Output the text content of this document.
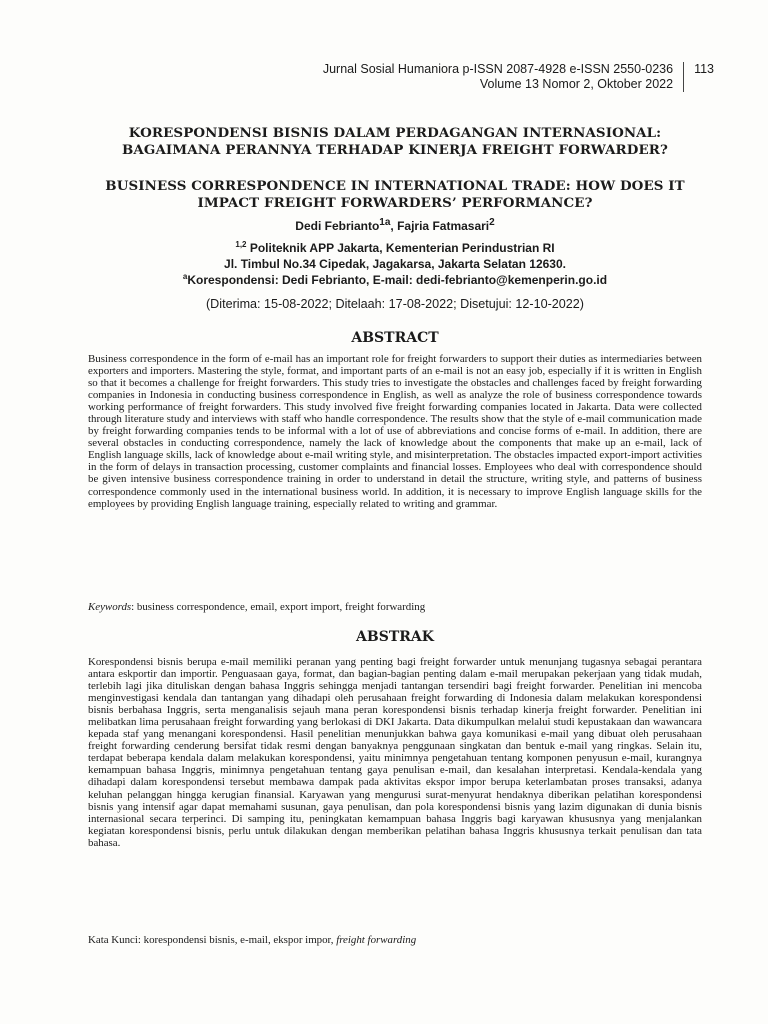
Jurnal Sosial Humaniora p-ISSN 2087-4928 e-ISSN 2550-0236
Volume 13 Nomor 2, Oktober 2022
113
KORESPONDENSI BISNIS DALAM PERDAGANGAN INTERNASIONAL:
BAGAIMANA PERANNYA TERHADAP KINERJA FREIGHT FORWARDER?
BUSINESS CORRESPONDENCE IN INTERNATIONAL TRADE: HOW DOES IT
IMPACT FREIGHT FORWARDERS’ PERFORMANCE?
Dedi Febrianto$^{1a}$, Fajria Fatmasari$^2$
$^{1,2}$ Politeknik APP Jakarta, Kementerian Perindustrian RI
Jl. Timbul No.34 Cipedak, Jagakarsa, Jakarta Selatan 12630.
$^a$Korespondensi: Dedi Febrianto, E-mail: dedi-febrianto@kemenperin.go.id
(Diterima: 15-08-2022; Ditelaah: 17-08-2022; Disetujui: 12-10-2022)
ABSTRACT
Business correspondence in the form of e-mail has an important role for freight forwarders to support their duties as intermediaries between exporters and importers. Mastering the style, format, and important parts of an e-mail is not an easy job, especially if it is written in English so that it becomes a challenge for freight forwarders. This study tries to investigate the obstacles and challenges faced by freight forwarding companies in Indonesia in conducting business correspondence in English, as well as analyze the role of business correspondence towards working performance of freight forwarders. This study involved five freight forwarding companies located in Jakarta. Data were collected through literature study and interviews with staff who handle correspondence. The results show that the style of e-mail communication made by freight forwarding companies tends to be informal with a lot of use of abbreviations and concise forms of e-mail. In addition, there are several obstacles in conducting correspondence, namely the lack of knowledge about the components that make up an e-mail, lack of English language skills, lack of knowledge about e-mail writing style, and misinterpretation. The obstacles impacted export-import activities in the form of delays in transaction processing, customer complaints and financial losses. Employees who deal with correspondence should be given intensive business correspondence training in order to understand in detail the structure, writing style, and patterns of business correspondence commonly used in the international business world. In addition, it is necessary to improve English language skills for the employees by providing English language training, especially related to writing and grammar.
Keywords: business correspondence, email, export import, freight forwarding
ABSTRAK
Korespondensi bisnis berupa e-mail memiliki peranan yang penting bagi freight forwarder untuk menunjang tugasnya sebagai perantara antara eskportir dan importir. Penguasaan gaya, format, dan bagian-bagian penting dalam e-mail merupakan pekerjaan yang tidak mudah, terlebih lagi jika dituliskan dengan bahasa Inggris sehingga menjadi tantangan tersendiri bagi freight forwarder. Penelitian ini mencoba menginvestigasi kendala dan tantangan yang dihadapi oleh perusahaan freight forwarding di Indonesia dalam melakukan korespondensi bisnis berbahasa Inggris, serta menganalisis sejauh mana peran korespondensi bisnis terhadap kinerja freight forwarder. Penelitian ini melibatkan lima perusahaan freight forwarding yang berlokasi di DKI Jakarta. Data dikumpulkan melalui studi kepustakaan dan wawancara kepada staf yang menangani korespondensi. Hasil penelitian menunjukkan bahwa gaya komunikasi e-mail yang dibuat oleh perusahaan freight forwarding cenderung bersifat tidak resmi dengan banyaknya penggunaan singkatan dan bentuk e-mail yang ringkas. Selain itu, terdapat beberapa kendala dalam melakukan korespondensi, yaitu minimnya pengetahuan tentang komponen penyusun e-mail, kurangnya kemampuan bahasa Inggris, minimnya pengetahuan tentang gaya penulisan e-mail, dan kesalahan interpretasi. Kendala-kendala yang dihadapi dalam korespondensi tersebut membawa dampak pada aktivitas ekspor impor berupa keterlambatan proses transaksi, adanya keluhan pelanggan hingga kerugian finansial. Karyawan yang mengurusi surat-menyurat hendaknya diberikan pelatihan korespondensi bisnis yang intensif agar dapat memahami susunan, gaya penulisan, dan pola korespondensi bisnis yang lazim digunakan di dunia bisnis internasional secara terperinci. Di samping itu, peningkatan kemampuan bahasa Inggris bagi karyawan khususnya yang menjalankan kegiatan korespondensi bisnis, perlu untuk dilakukan dengan memberikan pelatihan bahasa Inggris khususnya terkait penulisan dan tata bahasa.
Kata Kunci: korespondensi bisnis, e-mail, ekspor impor, freight forwarding
